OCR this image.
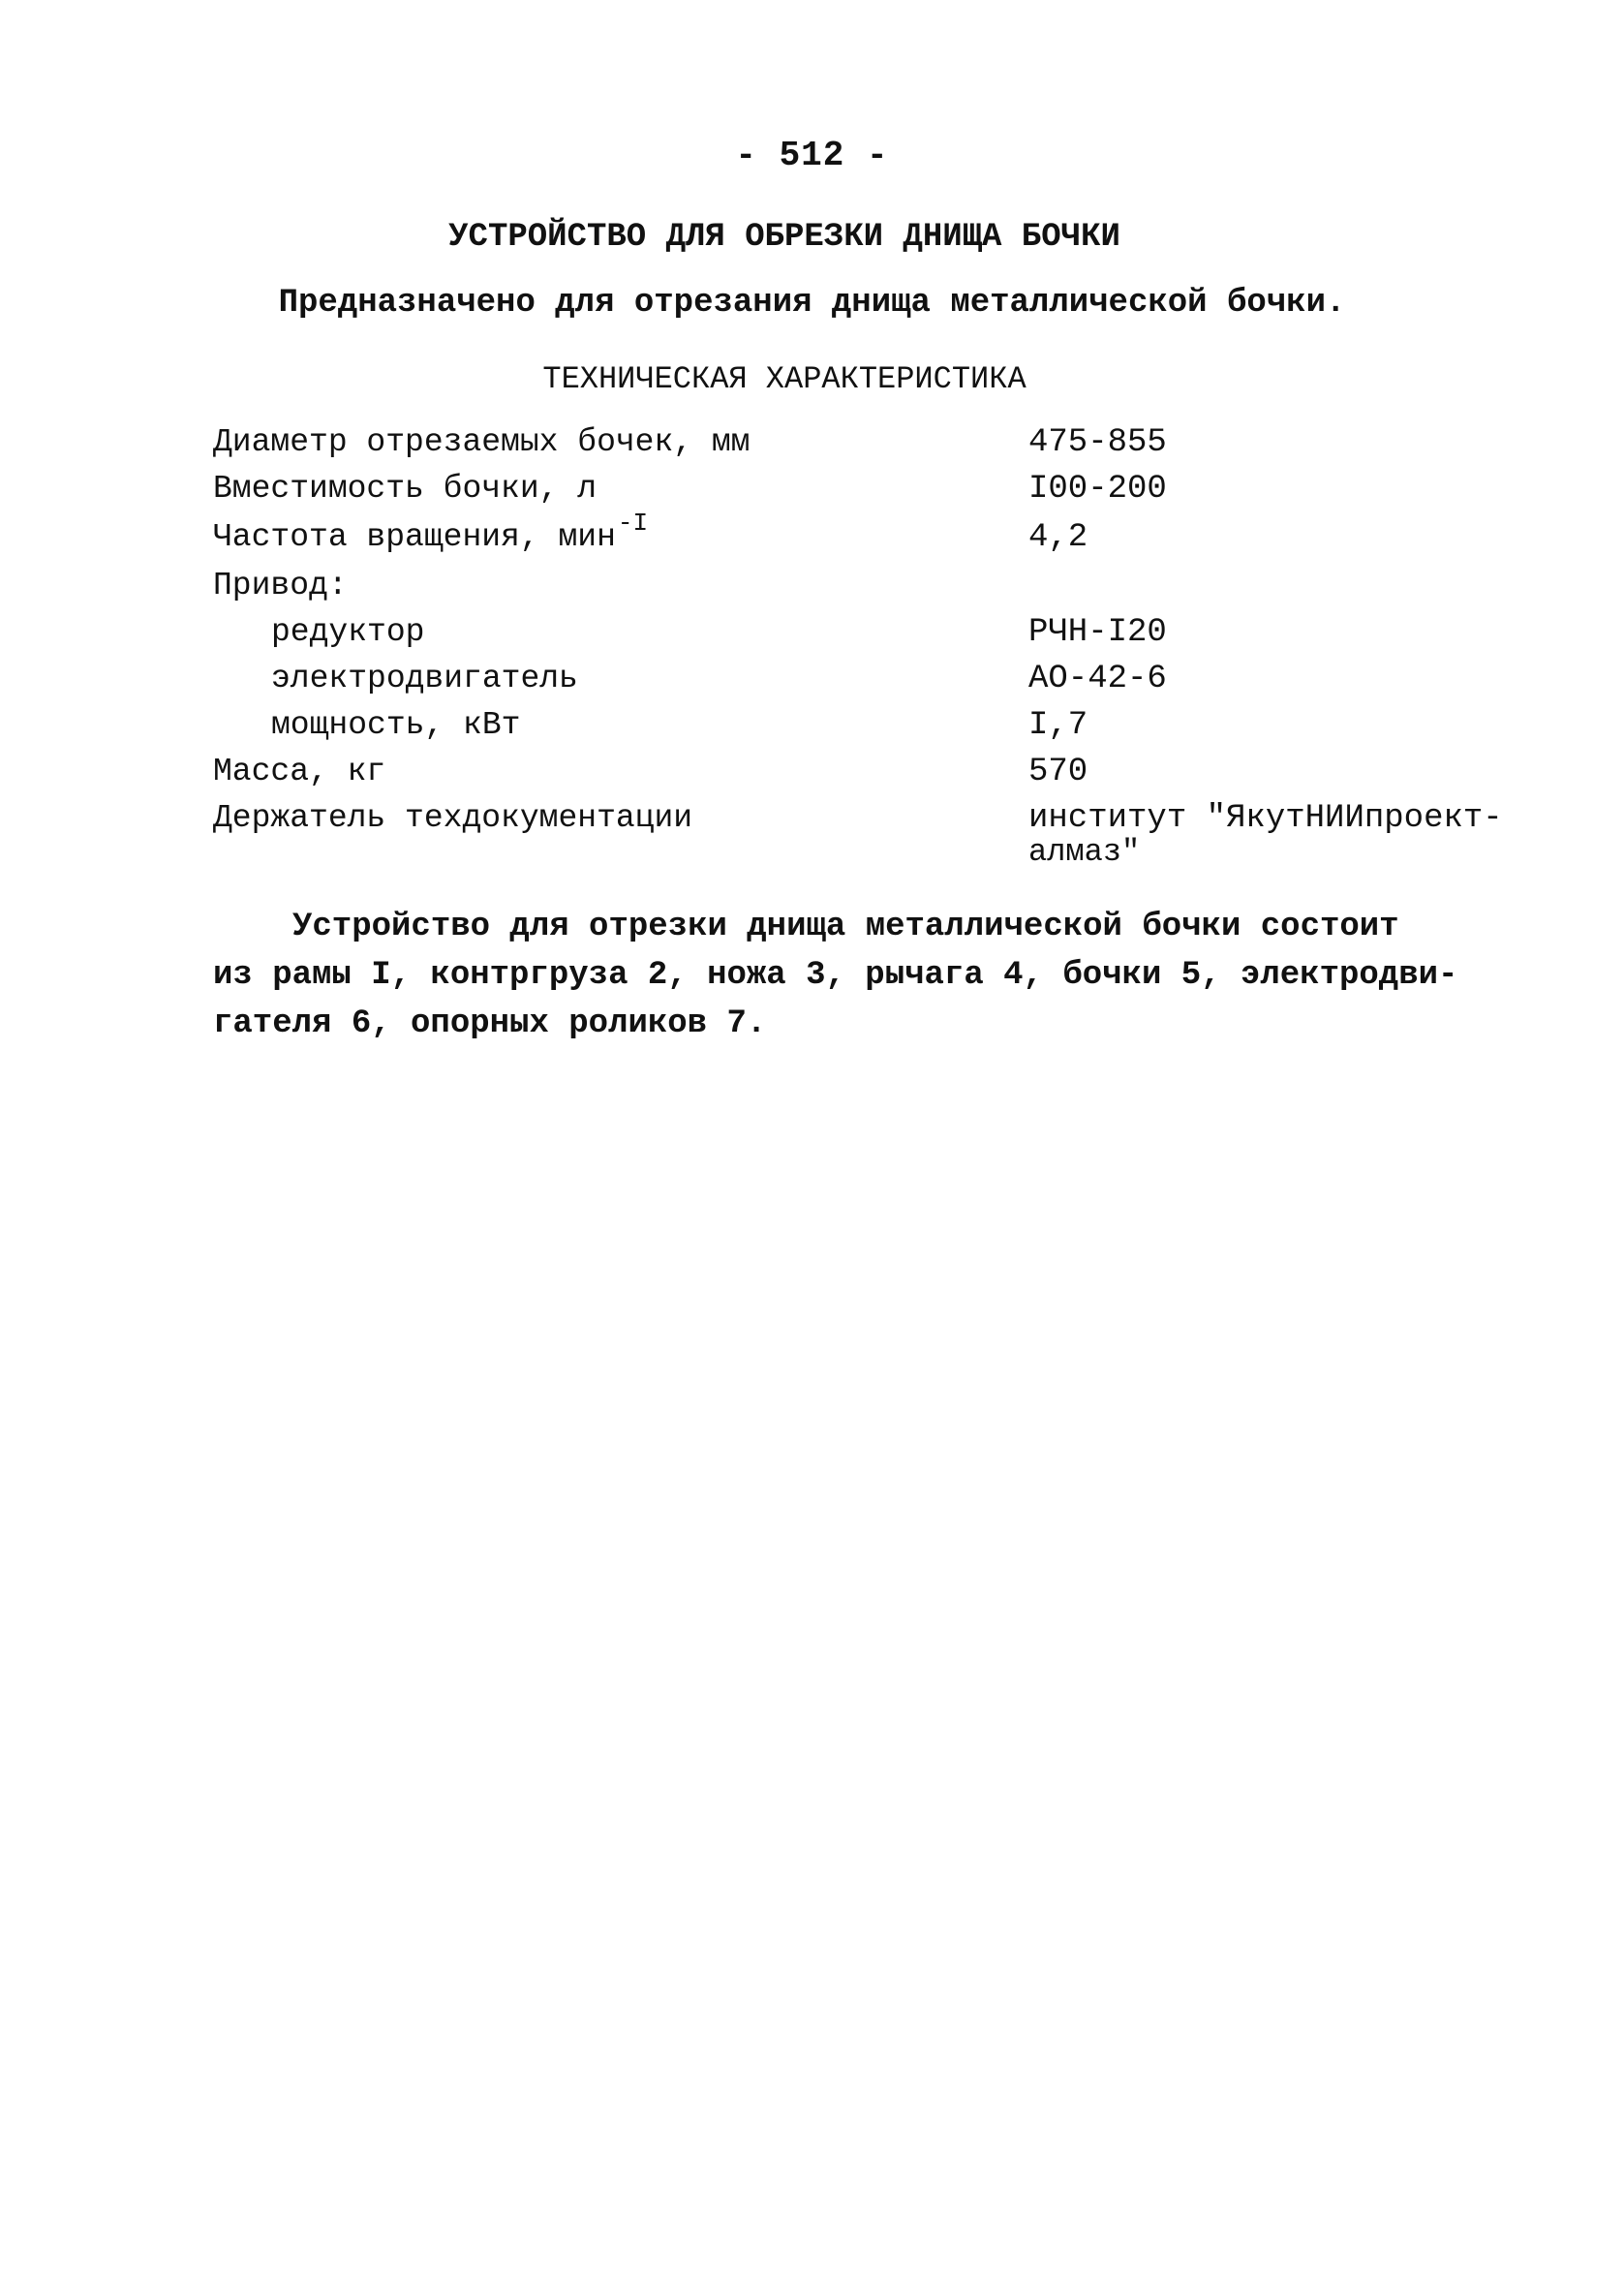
- 512 -
УСТРОЙСТВО ДЛЯ ОБРЕЗКИ ДНИЩА БОЧКИ
Предназначено для отрезания днища металлической бочки.
ТЕХНИЧЕСКАЯ ХАРАКТЕРИСТИКА
Диаметр отрезаемых бочек, мм	475-855
Вместимость бочки, л	I00-200
Частота вращения, мин$^{-I}$	4,2
Привод:
редуктор	РЧН-I20
электродвигатель	АО-42-6
мощность, кВт	I,7
Масса, кг	570
Держатель техдокументации	институт "ЯкутНИИпроект-
алмаз"
Устройство для отрезки днища металлической бочки состоит
из рамы I, контргруза 2, ножа 3, рычага 4, бочки 5, электродви-
гателя 6, опорных роликов 7.
